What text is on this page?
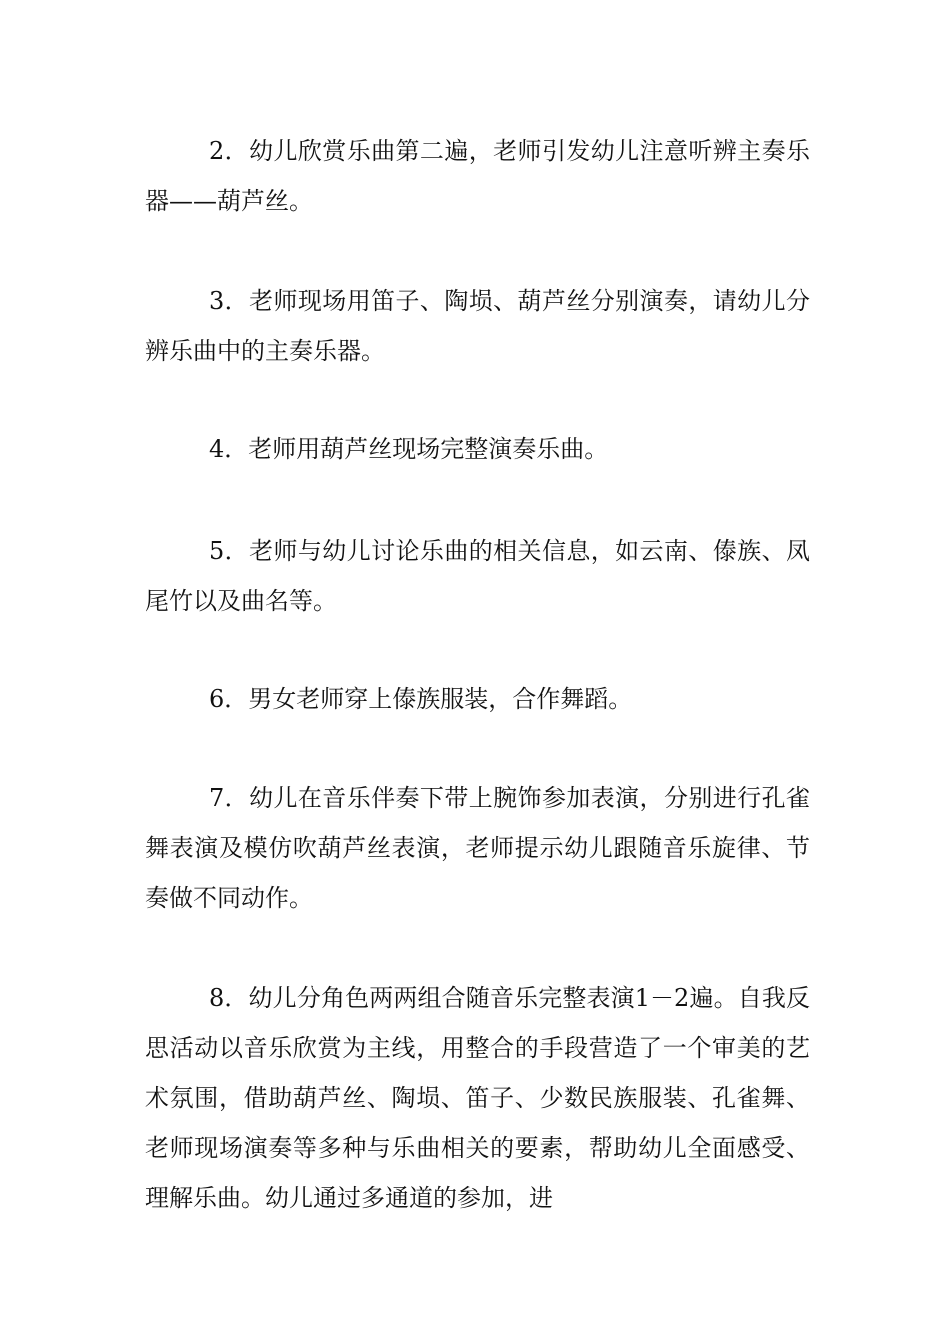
2．幼儿欣赏乐曲第二遍，老师引发幼儿注意听辨主奏乐器——葫芦丝。

3．老师现场用笛子、陶埙、葫芦丝分别演奏，请幼儿分辨乐曲中的主奏乐器。

4．老师用葫芦丝现场完整演奏乐曲。

5．老师与幼儿讨论乐曲的相关信息，如云南、傣族、凤尾竹以及曲名等。

6．男女老师穿上傣族服装，合作舞蹈。

7．幼儿在音乐伴奏下带上腕饰参加表演，分别进行孔雀舞表演及模仿吹葫芦丝表演，老师提示幼儿跟随音乐旋律、节奏做不同动作。

8．幼儿分角色两两组合随音乐完整表演1－2遍。自我反思活动以音乐欣赏为主线，用整合的手段营造了一个审美的艺术氛围，借助葫芦丝、陶埙、笛子、少数民族服装、孔雀舞、老师现场演奏等多种与乐曲相关的要素，帮助幼儿全面感受、理解乐曲。幼儿通过多通道的参加，进
